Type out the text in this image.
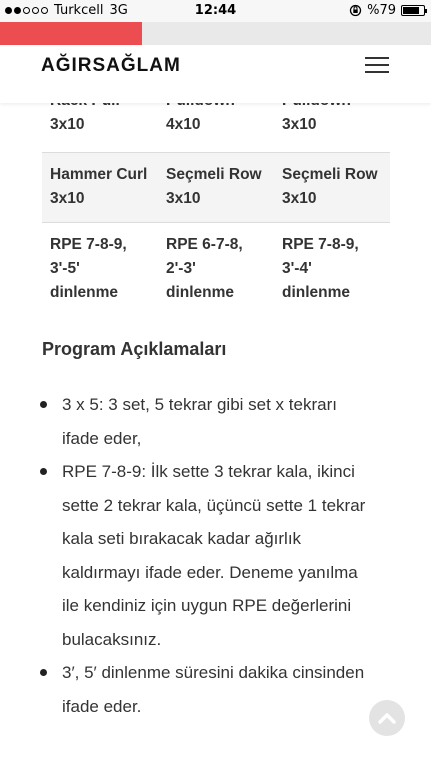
Turkcell 3G	12:44	%79
AĞIRSAĞLAM
3x10	4x10	3x10
Hammer Curl 3x10	Seçmeli Row 3x10	Seçmeli Row 3x10
RPE 7-8-9, 3'-5' dinlenme	RPE 6-7-8, 2'-3' dinlenme	RPE 7-8-9, 3'-4' dinlenme
Program Açıklamaları
3 x 5: 3 set, 5 tekrar gibi set x tekrarı ifade eder,
RPE 7-8-9: İlk sette 3 tekrar kala, ikinci sette 2 tekrar kala, üçüncü sette 1 tekrar kala seti bırakacak kadar ağırlık kaldırmayı ifade eder. Deneme yanılma ile kendiniz için uygun RPE değerlerini bulacaksınız.
3′, 5′ dinlenme süresini dakika cinsinden ifade eder.
